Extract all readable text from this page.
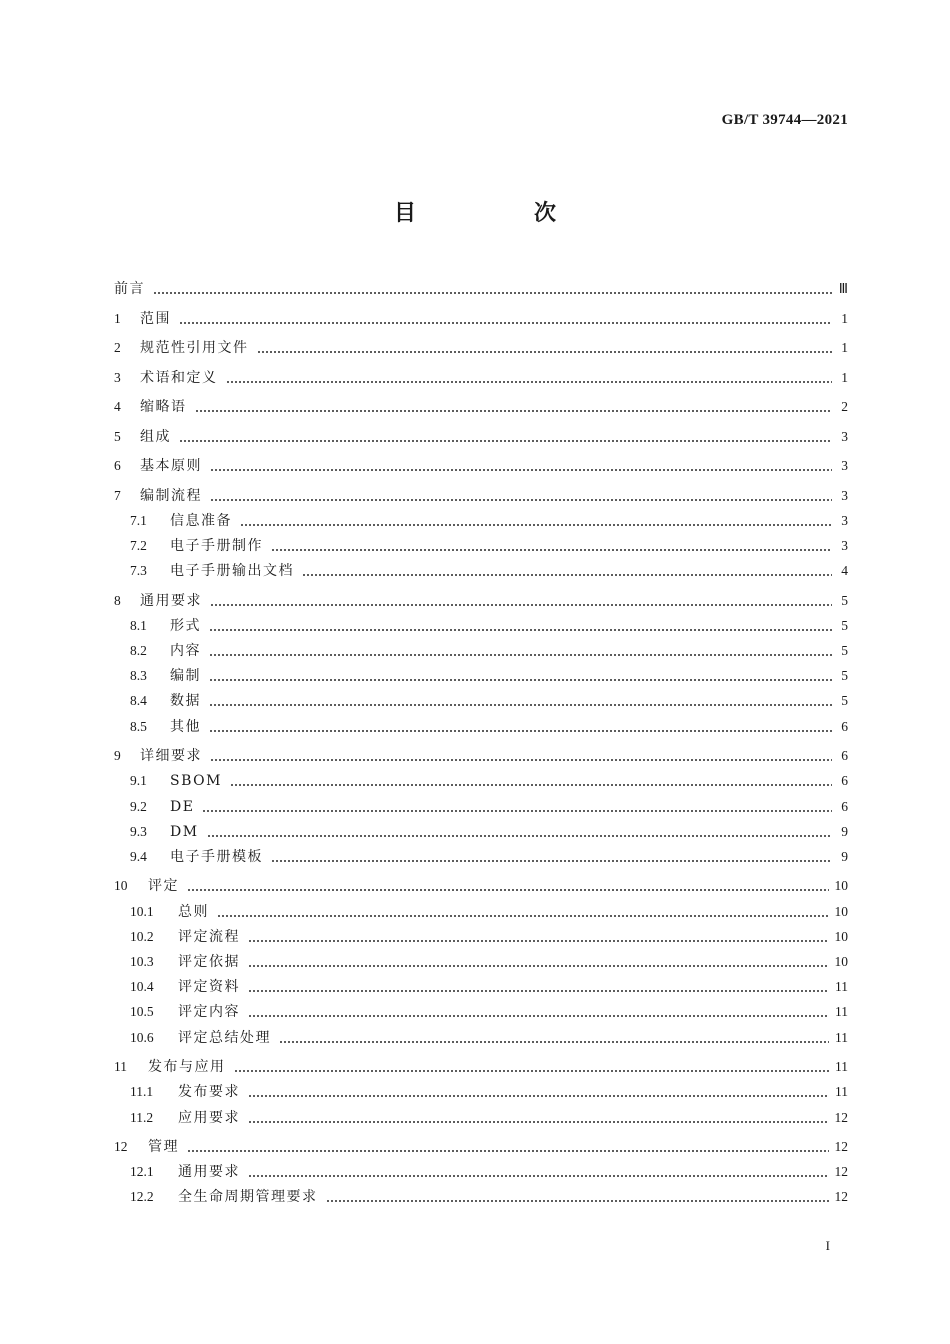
GB/T 39744—2021
目　次
前言	Ⅲ
1	范围	1
2	规范性引用文件	1
3	术语和定义	1
4	缩略语	2
5	组成	3
6	基本原则	3
7	编制流程	3
7.1	信息准备	3
7.2	电子手册制作	3
7.3	电子手册输出文档	4
8	通用要求	5
8.1	形式	5
8.2	内容	5
8.3	编制	5
8.4	数据	5
8.5	其他	6
9	详细要求	6
9.1	SBOM	6
9.2	DE	6
9.3	DM	9
9.4	电子手册模板	9
10	评定	10
10.1	总则	10
10.2	评定流程	10
10.3	评定依据	10
10.4	评定资料	11
10.5	评定内容	11
10.6	评定总结处理	11
11	发布与应用	11
11.1	发布要求	11
11.2	应用要求	12
12	管理	12
12.1	通用要求	12
12.2	全生命周期管理要求	12
I
